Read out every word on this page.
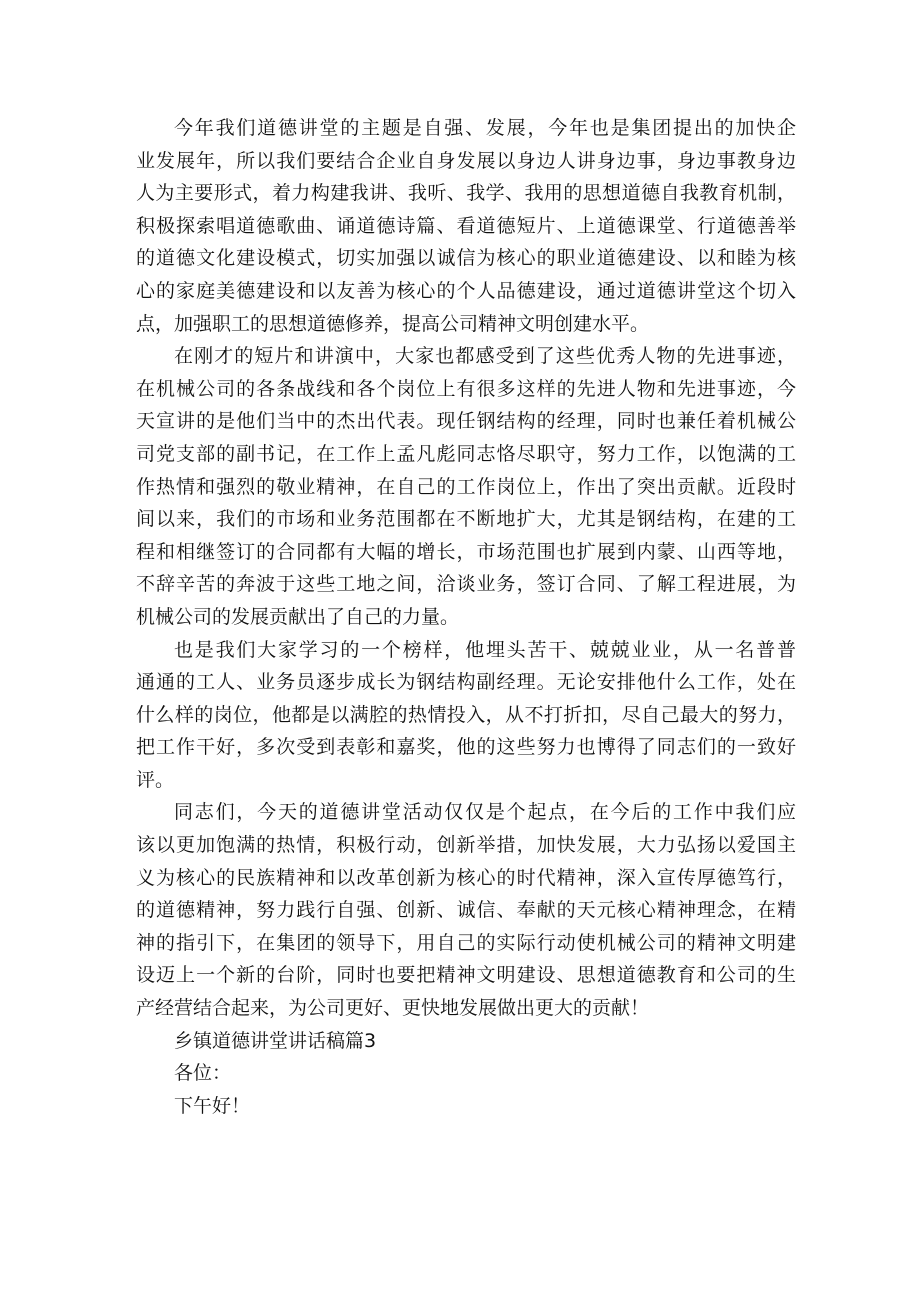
今年我们道德讲堂的主题是自强、发展，今年也是集团提出的加快企
业发展年，所以我们要结合企业自身发展以身边人讲身边事，身边事教身边
人为主要形式，着力构建我讲、我听、我学、我用的思想道德自我教育机制，
积极探索唱道德歌曲、诵道德诗篇、看道德短片、上道德课堂、行道德善举
的道德文化建设模式，切实加强以诚信为核心的职业道德建设、以和睦为核
心的家庭美德建设和以友善为核心的个人品德建设，通过道德讲堂这个切入
点，加强职工的思想道德修养，提高公司精神文明创建水平。

在刚才的短片和讲演中，大家也都感受到了这些优秀人物的先进事迹，
在机械公司的各条战线和各个岗位上有很多这样的先进人物和先进事迹，今
天宣讲的是他们当中的杰出代表。现任钢结构的经理，同时也兼任着机械公
司党支部的副书记，在工作上孟凡彪同志恪尽职守，努力工作，以饱满的工
作热情和强烈的敬业精神，在自己的工作岗位上，作出了突出贡献。近段时
间以来，我们的市场和业务范围都在不断地扩大，尤其是钢结构，在建的工
程和相继签订的合同都有大幅的增长，市场范围也扩展到内蒙、山西等地，
不辞辛苦的奔波于这些工地之间，洽谈业务，签订合同、了解工程进展，为
机械公司的发展贡献出了自己的力量。

也是我们大家学习的一个榜样，他埋头苦干、兢兢业业，从一名普普
通通的工人、业务员逐步成长为钢结构副经理。无论安排他什么工作，处在
什么样的岗位，他都是以满腔的热情投入，从不打折扣，尽自己最大的努力，
把工作干好，多次受到表彰和嘉奖，他的这些努力也博得了同志们的一致好
评。

同志们，今天的道德讲堂活动仅仅是个起点，在今后的工作中我们应
该以更加饱满的热情，积极行动，创新举措，加快发展，大力弘扬以爱国主
义为核心的民族精神和以改革创新为核心的时代精神，深入宣传厚德笃行，
的道德精神，努力践行自强、创新、诚信、奉献的天元核心精神理念，在精
神的指引下，在集团的领导下，用自己的实际行动使机械公司的精神文明建
设迈上一个新的台阶，同时也要把精神文明建设、思想道德教育和公司的生
产经营结合起来，为公司更好、更快地发展做出更大的贡献！

乡镇道德讲堂讲话稿篇3

各位：

下午好！
